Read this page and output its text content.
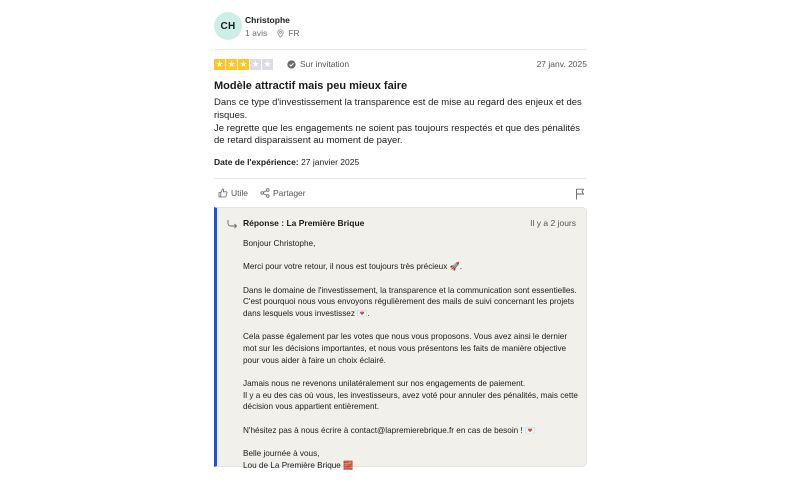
CH
Christophe
1 avis FR
★ ★ ★ ★ ★	Sur invitation	27 janv. 2025
Modèle attractif mais peu mieux faire
Dans ce type d'investissement la transparence est de mise au regard des enjeux et des risques.
Je regrette que les engagements ne soient pas toujours respectés et que des pénalités de retard disparaissent au moment de payer.
Date de l'expérience: 27 janvier 2025
Utile	Partager
Réponse : La Première Brique	Il y a 2 jours

Bonjour Christophe,

Merci pour votre retour, il nous est toujours très précieux 🚀.

Dans le domaine de l'investissement, la transparence et la communication sont essentielles. C'est pourquoi nous vous envoyons régulièrement des mails de suivi concernant les projets dans lesquels vous investissez 💌.

Cela passe également par les votes que nous vous proposons. Vous avez ainsi le dernier mot sur les décisions importantes, et nous vous présentons les faits de manière objective pour vous aider à faire un choix éclairé.

Jamais nous ne revenons unilatéralement sur nos engagements de paiement.
Il y a eu des cas où vous, les investisseurs, avez voté pour annuler des pénalités, mais cette décision vous appartient entièrement.

N'hésitez pas à nous écrire à contact@lapremierebrique.fr en cas de besoin ! 💌

Belle journée à vous,
Lou de La Première Brique 🧱
